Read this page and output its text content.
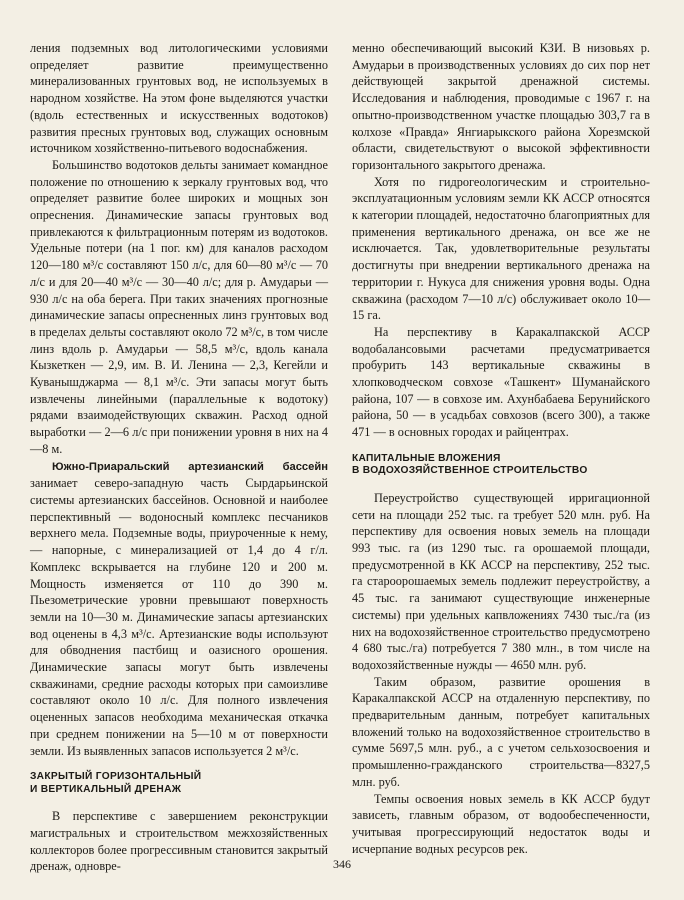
ления подземных вод литологическими условиями определяет развитие преимущественно минерализованных грунтовых вод, не используемых в народном хозяйстве. На этом фоне выделяются участки (вдоль естественных и искусственных водотоков) развития пресных грунтовых вод, служащих основным источником хозяйственно-питьевого водоснабжения.

Большинство водотоков дельты занимает командное положение по отношению к зеркалу грунтовых вод, что определяет развитие более широких и мощных зон опреснения. Динамические запасы грунтовых вод привлекаются к фильтрационным потерям из водотоков. Удельные потери (на 1 пог. км) для каналов расходом 120—180 м³/с составляют 150 л/с, для 60—80 м³/с — 70 л/с и для 20—40 м³/с — 30—40 л/с; для р. Амударьи — 930 л/с на оба берега. При таких значениях прогнозные динамические запасы опресненных линз грунтовых вод в пределах дельты составляют около 72 м³/с, в том числе линз вдоль р. Амударьи — 58,5 м³/с, вдоль канала Кызкеткен — 2,9, им. В. И. Ленина — 2,3, Кегейли и Куванышджарма — 8,1 м³/с. Эти запасы могут быть извлечены линейными (параллельные к водотоку) рядами взаимодействующих скважин. Расход одной выработки — 2—6 л/с при понижении уровня в них на 4—8 м.

Южно-Приаральский артезианский бассейн занимает северо-западную часть Сырдарьинской системы артезианских бассейнов. Основной и наиболее перспективный — водоносный комплекс песчаников верхнего мела. Подземные воды, приуроченные к нему, — напорные, с минерализацией от 1,4 до 4 г/л. Комплекс вскрывается на глубине 120 и 200 м. Мощность изменяется от 110 до 390 м. Пьезометрические уровни превышают поверхность земли на 10—30 м. Динамические запасы артезианских вод оценены в 4,3 м³/с. Артезианские воды используют для обводнения пастбищ и оазисного орошения. Динамические запасы могут быть извлечены скважинами, средние расходы которых при самоизливе составляют около 10 л/с. Для полного извлечения оцененных запасов необходима механическая откачка при среднем понижении на 5—10 м от поверхности земли. Из выявленных запасов используется 2 м³/с.

ЗАКРЫТЫЙ ГОРИЗОНТАЛЬНЫЙ
И ВЕРТИКАЛЬНЫЙ ДРЕНАЖ

В перспективе с завершением реконструкции магистральных и строительством межхозяйственных коллекторов более прогрессивным становится закрытый дренаж, одновре-

менно обеспечивающий высокий КЗИ. В низовьях р. Амударьи в производственных условиях до сих пор нет действующей закрытой дренажной системы. Исследования и наблюдения, проводимые с 1967 г. на опытно-производственном участке площадью 303,7 га в колхозе «Правда» Янгиарыкского района Хорезмской области, свидетельствуют о высокой эффективности горизонтального закрытого дренажа.

Хотя по гидрогеологическим и строительно-эксплуатационным условиям земли КК АССР относятся к категории площадей, недостаточно благоприятных для применения вертикального дренажа, он все же не исключается. Так, удовлетворительные результаты достигнуты при внедрении вертикального дренажа на территории г. Нукуса для снижения уровня воды. Одна скважина (расходом 7—10 л/с) обслуживает около 10—15 га.

На перспективу в Каракалпакской АССР водобалансовыми расчетами предусматривается пробурить 143 вертикальные скважины в хлопководческом совхозе «Ташкент» Шуманайского района, 107 — в совхозе им. Ахунбабаева Берунийского района, 50 — в усадьбах совхозов (всего 300), а также 471 — в основных городах и райцентрах.

КАПИТАЛЬНЫЕ ВЛОЖЕНИЯ
В ВОДОХОЗЯЙСТВЕННОЕ СТРОИТЕЛЬСТВО

Переустройство существующей ирригационной сети на площади 252 тыс. га требует 520 млн. руб. На перспективу для освоения новых земель на площади 993 тыс. га (из 1290 тыс. га орошаемой площади, предусмотренной в КК АССР на перспективу, 252 тыс. га староорошаемых земель подлежит переустройству, а 45 тыс. га занимают существующие инженерные системы) при удельных капвложениях 7430 тыс./га (из них на водохозяйственное строительство предусмотрено 4 680 тыс./га) потребуется 7 380 млн., в том числе на водохозяйственные нужды — 4650 млн. руб.

Таким образом, развитие орошения в Каракалпакской АССР на отдаленную перспективу, по предварительным данным, потребует капитальных вложений только на водохозяйственное строительство в сумме 5697,5 млн. руб., а с учетом сельхозосвоения и промышленно-гражданского строительства—8327,5 млн. руб.

Темпы освоения новых земель в КК АССР будут зависеть, главным образом, от водообеспеченности, учитывая прогрессирующий недостаток воды и исчерпание водных ресурсов рек.

346
